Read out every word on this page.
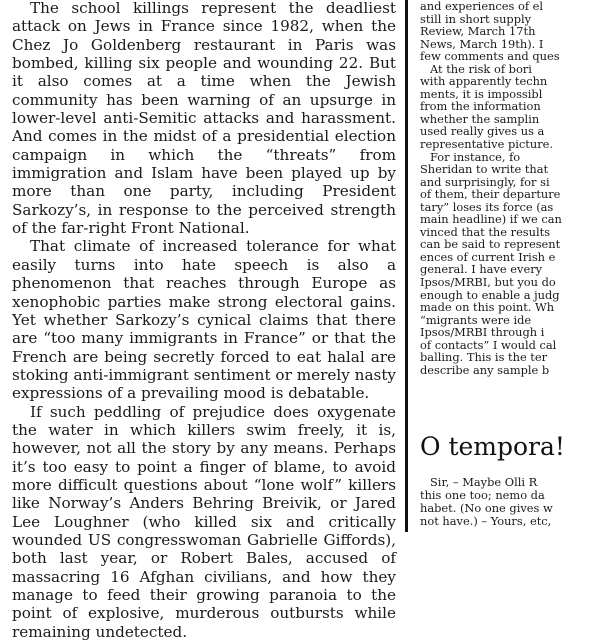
The school killings represent the deadliest attack on Jews in France since 1982, when the Chez Jo Goldenberg restaurant in Paris was bombed, killing six people and wounding 22. But it also comes at a time when the Jewish community has been warning of an upsurge in lower-level anti-Semitic attacks and harassment. And comes in the midst of a presidential election campaign in which the “threats” from immigration and Islam have been played up by more than one party, including President Sarkozy’s, in response to the perceived strength of the far-right Front National.

That climate of increased tolerance for what easily turns into hate speech is also a phenomenon that reaches through Europe as xenophobic parties make strong electoral gains. Yet whether Sarkozy’s cynical claims that there are “too many immigrants in France” or that the French are being secretly forced to eat halal are stoking anti-immigrant sentiment or merely nasty expressions of a prevailing mood is debatable.

If such peddling of prejudice does oxygenate the water in which killers swim freely, it is, however, not all the story by any means. Perhaps it’s too easy to point a finger of blame, to avoid more difficult questions about “lone wolf” killers like Norway’s Anders Behring Breivik, or Jared Lee Loughner (who killed six and critically wounded US congresswoman Gabrielle Giffords), both last year, or Robert Bales, accused of massacring 16 Afghan civilians, and how they manage to feed their growing paranoia to the point of explosive, murderous outbursts while remaining undetected.

and experiences of el
still in short supply
Review, March 17th
News, March 19th). I
few comments and ques
At the risk of bori
with apparently techn
ments, it is impossibl
from the information
whether the samplin
used really gives us a
representative picture.
For instance, fo
Sheridan to write that
and surprisingly, for si
of them, their departure
tary” loses its force (as
main headline) if we can
vinced that the results
can be said to represent
ences of current Irish e
general. I have every
Ipsos/MRBI, but you do
enough to enable a judg
made on this point. Wh
“migrants were ide
Ipsos/MRBI through i
of contacts” I would cal
balling. This is the ter
describe any sample b
O tempora!
Sir, – Maybe Olli R
this one too; nemo da
habet. (No one gives w
not have.) – Yours, etc,
